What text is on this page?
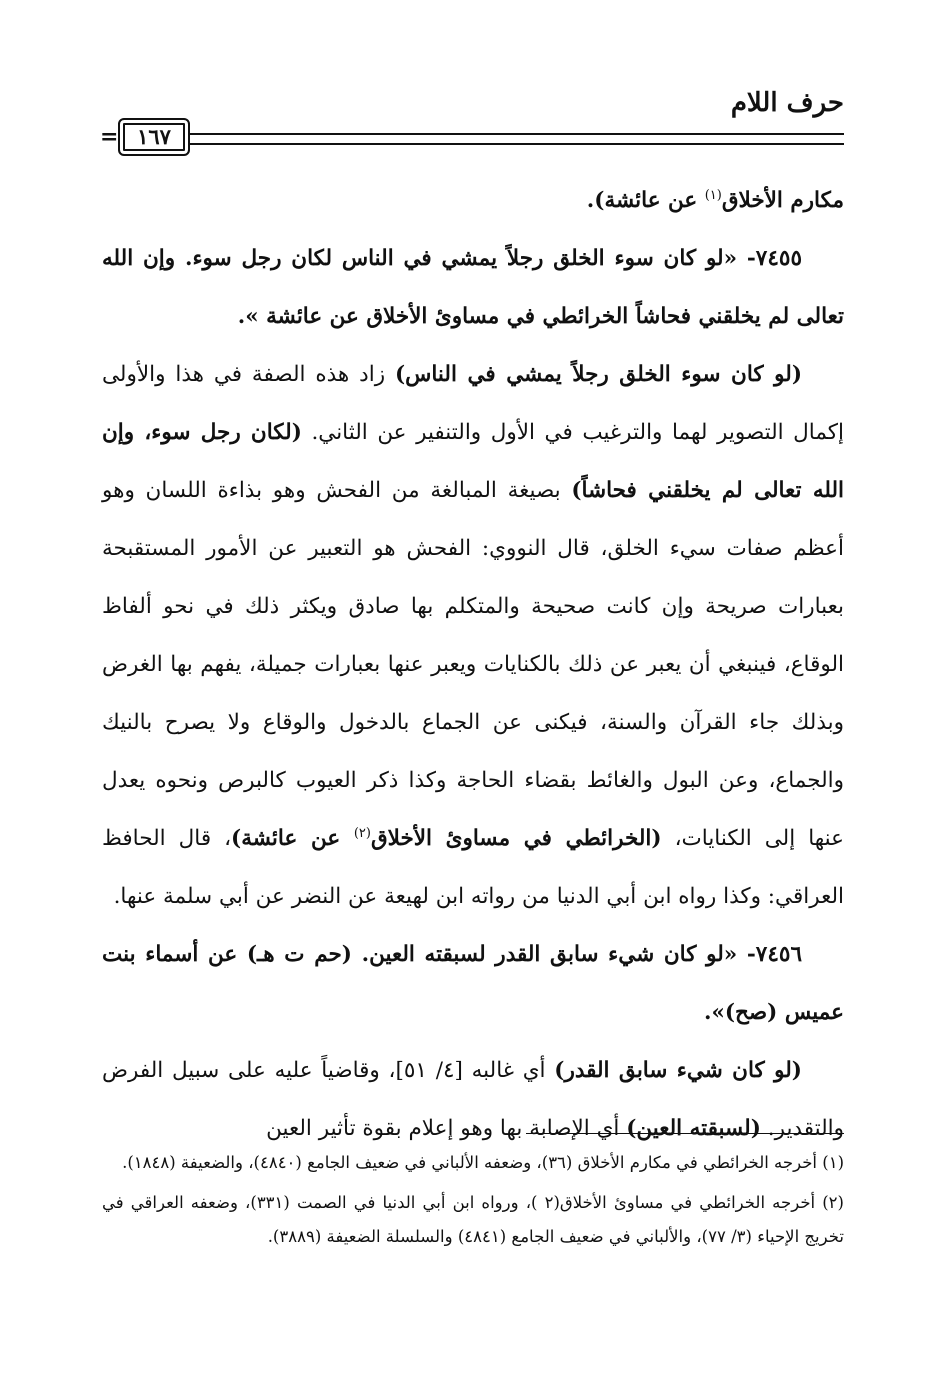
حرف اللام
= ١٦٧

مكارم الأخلاق$^{(١)}$ عن عائشة).

٧٤٥٥- «لو كان سوء الخلق رجلاً يمشي في الناس لكان رجل سوء. وإن الله تعالى لم يخلقني فحاشاً الخرائطي في مساوئ الأخلاق عن عائشة ».

(لو كان سوء الخلق رجلاً يمشي في الناس) زاد هذه الصفة في هذا والأولى إكمال التصوير لهما والترغيب في الأول والتنفير عن الثاني. (لكان رجل سوء، وإن الله تعالى لم يخلقني فحاشاً) بصيغة المبالغة من الفحش وهو بذاءة اللسان وهو أعظم صفات سيء الخلق، قال النووي: الفحش هو التعبير عن الأمور المستقبحة بعبارات صريحة وإن كانت صحيحة والمتكلم بها صادق ويكثر ذلك في نحو ألفاظ الوقاع، فينبغي أن يعبر عن ذلك بالكنايات ويعبر عنها بعبارات جميلة، يفهم بها الغرض وبذلك جاء القرآن والسنة، فيكنى عن الجماع بالدخول والوقاع ولا يصرح بالنيك والجماع، وعن البول والغائط بقضاء الحاجة وكذا ذكر العيوب كالبرص ونحوه يعدل عنها إلى الكنايات، (الخرائطي في مساوئ الأخلاق$^{(٢)}$ عن عائشة)، قال الحافظ العراقي: وكذا رواه ابن أبي الدنيا من رواته ابن لهيعة عن النضر عن أبي سلمة عنها.

٧٤٥٦- «لو كان شيء سابق القدر لسبقته العين. (حم ت هـ) عن أسماء بنت عميس (صح)».

(لو كان شيء سابق القدر) أي غالبه [٤/ ٥١]، وقاضياً عليه على سبيل الفرض والتقدير. (لسبقته العين) أي الإصابة بها وهو إعلام بقوة تأثير العين

(١) أخرجه الخرائطي في مكارم الأخلاق (٣٦)، وضعفه الألباني في ضعيف الجامع (٤٨٤٠)، والضعيفة (١٨٤٨).

(٢) أخرجه الخرائطي في مساوئ الأخلاق(٢ )، ورواه ابن أبي الدنيا في الصمت (٣٣١)، وضعفه العراقي في تخريج الإحياء (٣/ ٧٧)، والألباني في ضعيف الجامع (٤٨٤١) والسلسلة الضعيفة (٣٨٨٩).
